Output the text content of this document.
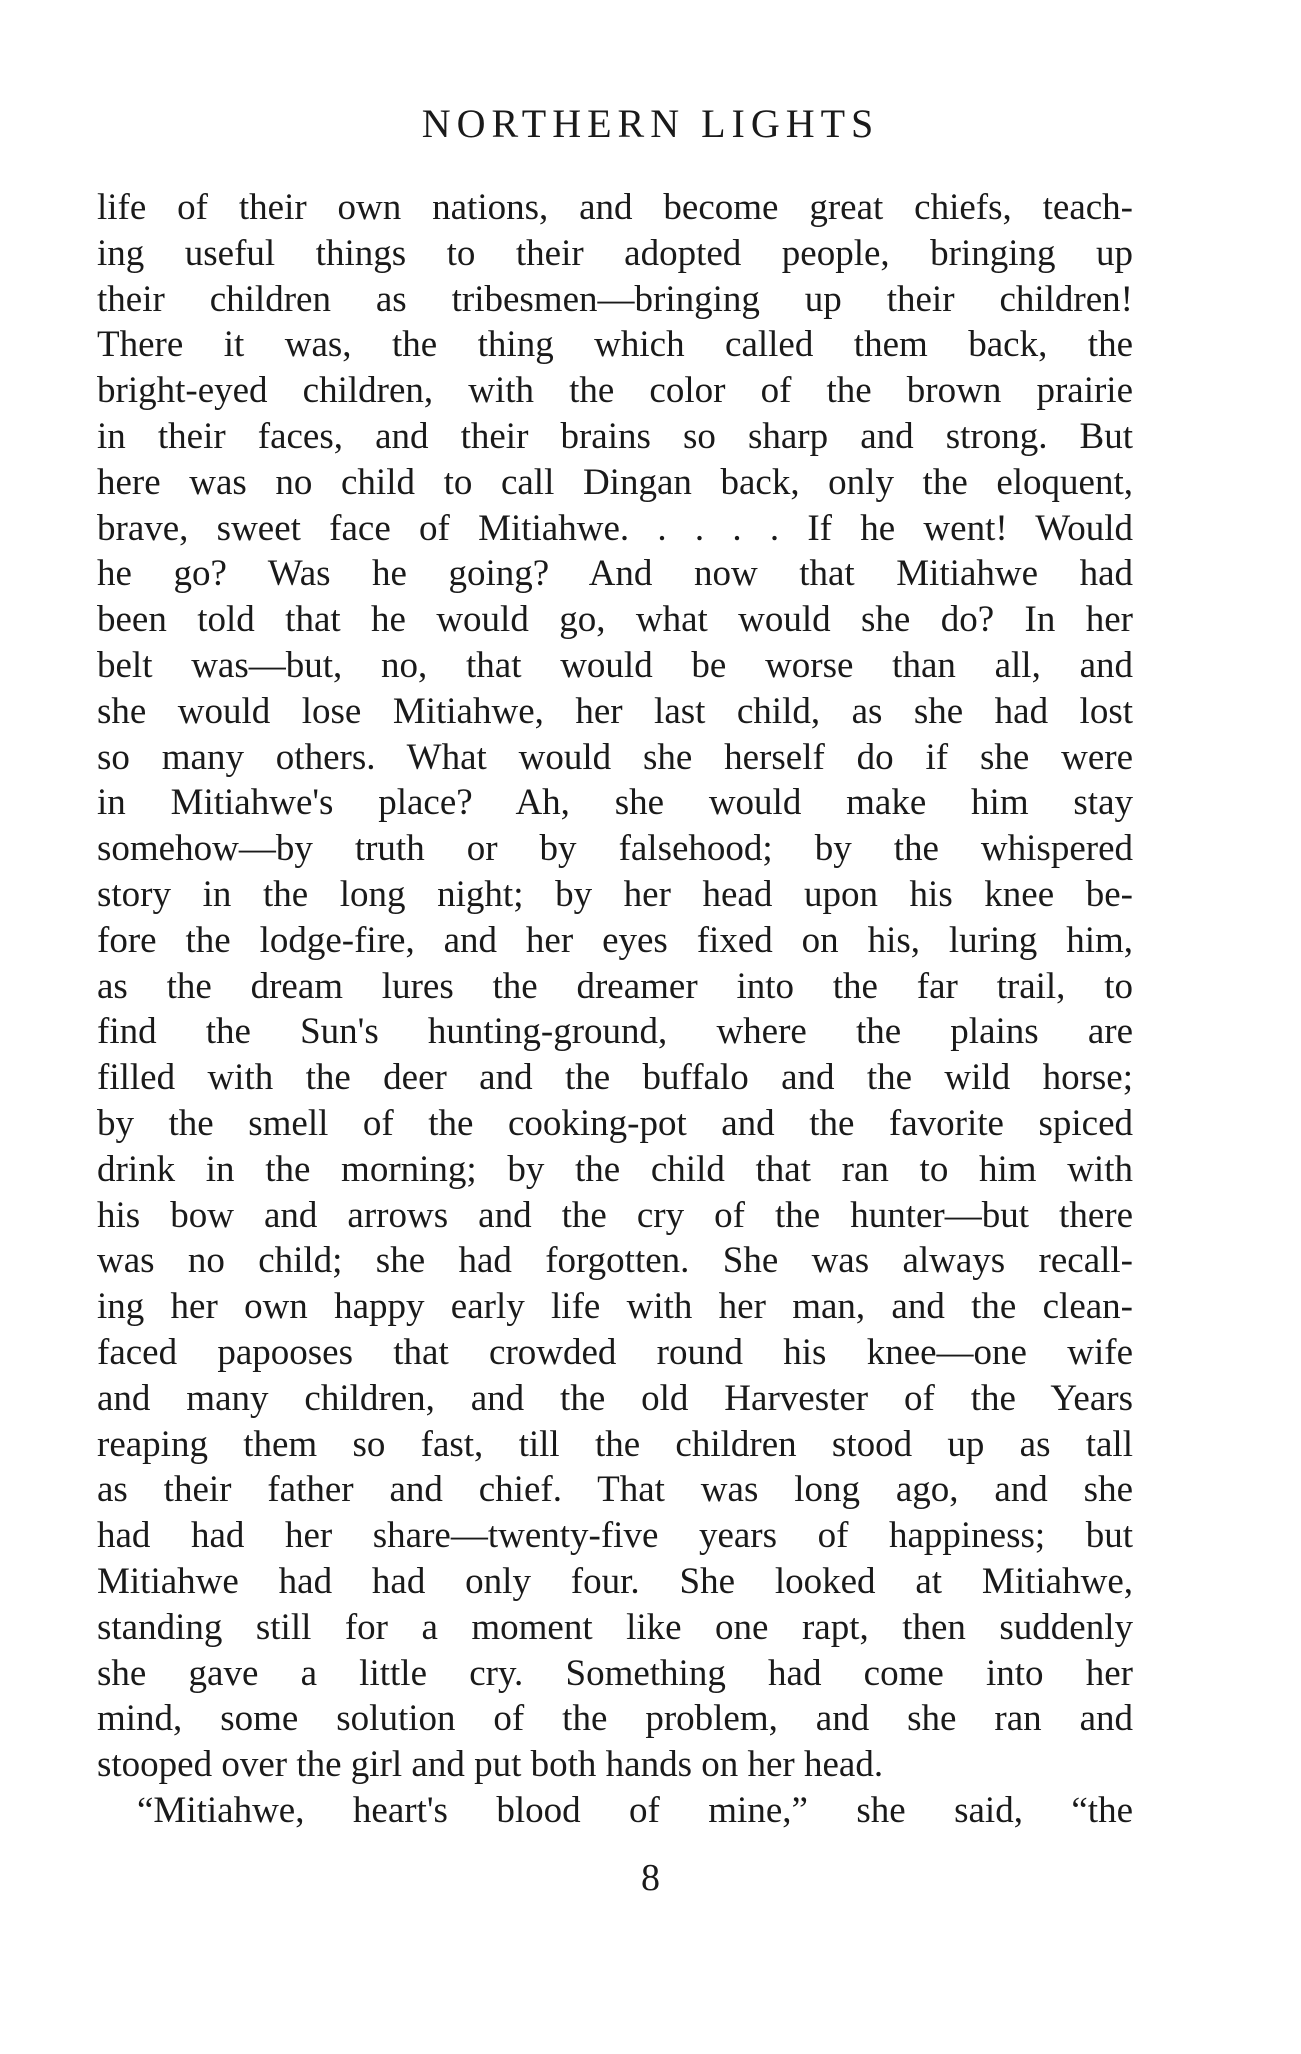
NORTHERN LIGHTS
life of their own nations, and become great chiefs, teach-
ing useful things to their adopted people, bringing up
their children as tribesmen—bringing up their children!
There it was, the thing which called them back, the
bright-eyed children, with the color of the brown prairie
in their faces, and their brains so sharp and strong. But
here was no child to call Dingan back, only the eloquent,
brave, sweet face of Mitiahwe. . . . . If he went! Would
he go? Was he going? And now that Mitiahwe had
been told that he would go, what would she do? In her
belt was—but, no, that would be worse than all, and
she would lose Mitiahwe, her last child, as she had lost
so many others. What would she herself do if she were
in Mitiahwe's place? Ah, she would make him stay
somehow—by truth or by falsehood; by the whispered
story in the long night; by her head upon his knee be-
fore the lodge-fire, and her eyes fixed on his, luring him,
as the dream lures the dreamer into the far trail, to
find the Sun's hunting-ground, where the plains are
filled with the deer and the buffalo and the wild horse;
by the smell of the cooking-pot and the favorite spiced
drink in the morning; by the child that ran to him with
his bow and arrows and the cry of the hunter—but there
was no child; she had forgotten. She was always recall-
ing her own happy early life with her man, and the clean-
faced papooses that crowded round his knee—one wife
and many children, and the old Harvester of the Years
reaping them so fast, till the children stood up as tall
as their father and chief. That was long ago, and she
had had her share—twenty-five years of happiness; but
Mitiahwe had had only four. She looked at Mitiahwe,
standing still for a moment like one rapt, then suddenly
she gave a little cry. Something had come into her
mind, some solution of the problem, and she ran and
stooped over the girl and put both hands on her head.
“Mitiahwe, heart's blood of mine,” she said, “the
8
